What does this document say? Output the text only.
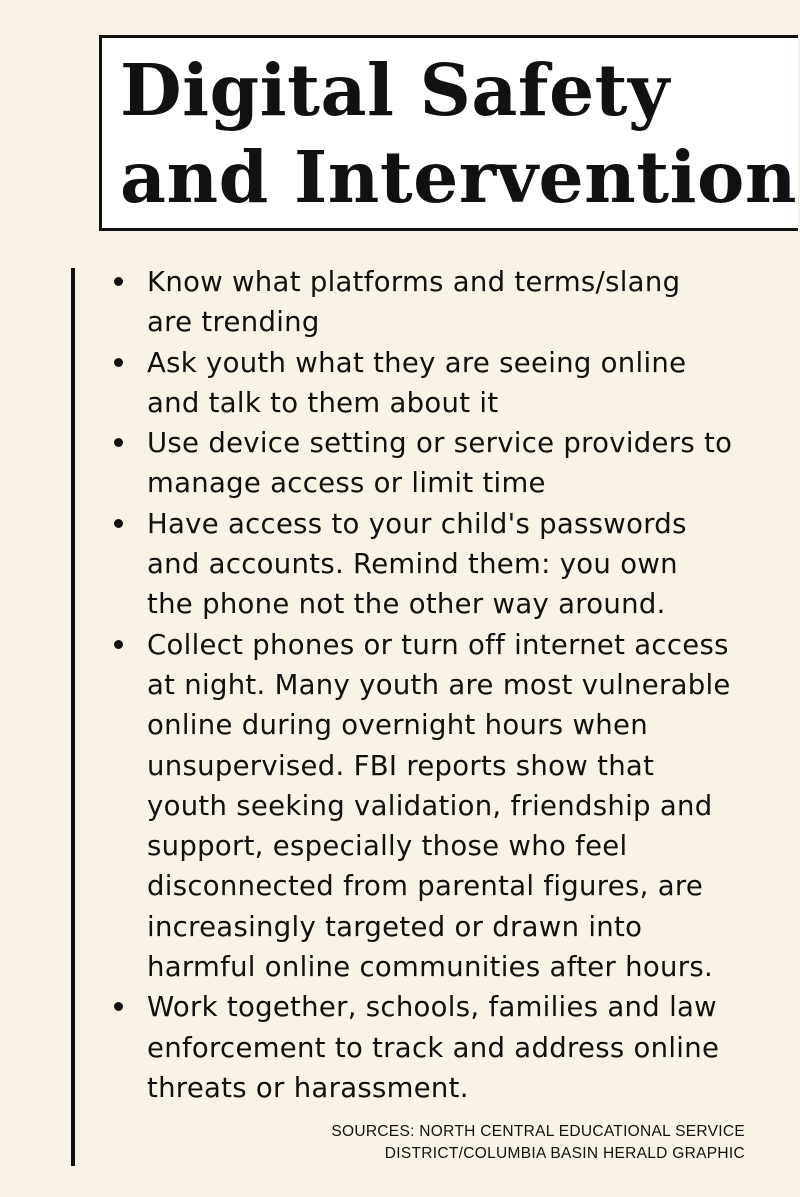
Digital Safety
and Intervention
Know what platforms and terms/slang
are trending
Ask youth what they are seeing online
and talk to them about it
Use device setting or service providers to
manage access or limit time
Have access to your child's passwords
and accounts. Remind them: you own
the phone not the other way around.
Collect phones or turn off internet access
at night. Many youth are most vulnerable
online during overnight hours when
unsupervised. FBI reports show that
youth seeking validation, friendship and
support, especially those who feel
disconnected from parental figures, are
increasingly targeted or drawn into
harmful online communities after hours.
Work together, schools, families and law
enforcement to track and address online
threats or harassment.
SOURCES: NORTH CENTRAL EDUCATIONAL SERVICE
DISTRICT/COLUMBIA BASIN HERALD GRAPHIC
